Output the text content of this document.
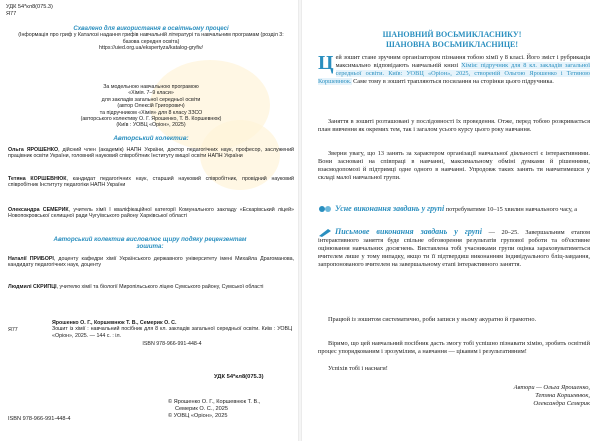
УДК 54*кл8(075.3)
Я77
Схвалено для використання в освітньому процесі
(Інформація про гриф у Каталозі надання грифів навчальній літературі та навчальним програмам (розділ 3: базова середня освіта)
https://uied.org.ua/ekspertyza/katalog-gryfiv/
За модельною навчальною програмою
«Хімія. 7–9 класи»
для закладів загальної середньої освіти
(автор Олексій Григорович)
та підручником «Хімія» для 8 класу ЗЗСО
(авторського колективу О. Г. Ярошенко, Т. В. Коршевнюк)
(Київ : УОВЦ «Оріон», 2025)
Авторський колектив:
Ольга ЯРОШЕНКО, дійсний член (академік) НАПН України, доктор педагогічних наук, професор, заслужений працівник освіти України, головний науковий співробітник Інституту вищої освіти НАПН України
Тетяна КОРШЕВНЮК, кандидат педагогічних наук, старший науковий співробітник, провідний науковий співробітник Інституту педагогіки НАПН України
Олександра СЕМЕРИК, учитель хімії І кваліфікаційної категорії Комунального закладу «Ескарівський ліцей» Новопокровської селищної ради Чугуївського району Харківської області
Авторський колектив висловлює щиру подяку рецензентам зошита:
Наталії ПРИБОРІ, доценту кафедри хімії Українського державного університету імені Михайла Драгоманова, кандидату педагогічних наук, доценту
Людмилі СКРИПЦІ, учителю хімії та біології Миропільського ліцею Сумського району, Сумської області
Я77
Ярошенко О. Г., Коршевнюк Т. В., Семерик О. С.
Зошит із хімії : навчальний посібник для 8 кл. закладів загальної середньої освіти. Київ : УОВЦ «Оріон», 2025. — 144 с. : іл.
ISBN 978-966-991-448-4
УДК 54*кл8(075.3)
ISBN 978-966-991-448-4
© Ярошенко О. Г., Коршевнюк Т. В.,
Семерик О. С., 2025
© УОВЦ «Оріон», 2025
ШАНОВНИЙ ВОСЬМИКЛАСНИКУ!
ШАНОВНА ВОСЬМИКЛАСНИЦЕ!
Цей зошит стане зручним організатором пізнання тобою хімії у 8 класі. Його зміст і рубрикація максимально відповідають навчальній книзі Хімія: підручник для 8 кл. закладів загальної середньої освіти. Київ: УОВЦ «Оріон», 2025, створеній Ольгою Ярошенко і Тетяною Коршевнюк. Саме тому в зошиті трапляються посилання на сторінки цього підручника.
Заняття в зошиті розташовані у послідовності їх проведення. Отже, перед тобою розкривається план вивчення як окремих тем, так і загалом усього курсу цього року навчання.
Зверни увагу, що 13 занять за характером організації навчальної діяльності є інтерактивними. Вони засновані на співпраці в навчанні, максимальному обміні думками й рішеннями, взаємодопомозі й підтримці одне одного в навчанні. Упродовж таких занять ти навчатимешся у складі малої навчальної групи.
Усне виконання завдань у групі потребуватиме 10–15 хвилин навчального часу, а
Письмове виконання завдань у групі — 20–25. Завершальним етапом інтерактивного заняття буде спільне обговорення результатів групової роботи та об'єктивне оцінювання навчальних досягнень. Виставлена тобі учасниками групи оцінка зараховуватиметься вчителем лише у тому випадку, якщо ти її підтвердиш виконанням індивідуального бліц-завдання, запропонованого вчителем на завершальному етапі інтерактивного заняття.
Працюй із зошитом систематично, роби записи у ньому акуратно й грамотно.
Віримо, що цей навчальний посібник дасть змогу тобі успішно пізнавати хімію, зробить освітній процес упорядкованим і зрозумілим, а навчання — цікавим і результативним!
Успіхів тобі і наснаги!
Автори — Ольга Ярошенко,
Тетяна Коршевнюк,
Олександра Семерик
